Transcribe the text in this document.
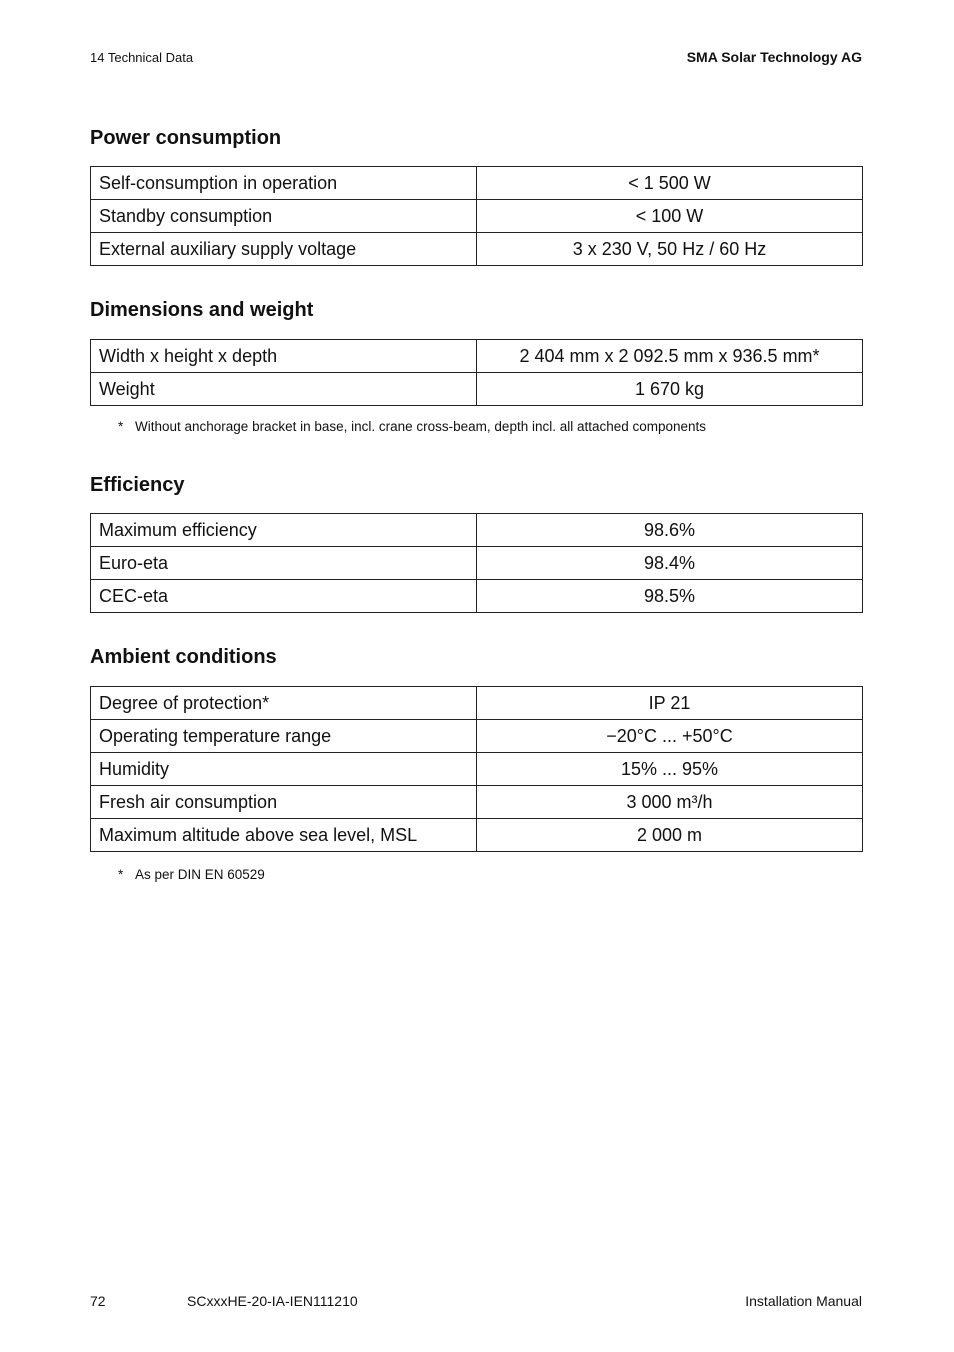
14 Technical Data	SMA Solar Technology AG
Power consumption
Self-consumption in operation	< 1 500 W
Standby consumption	< 100 W
External auxiliary supply voltage	3 x 230 V, 50 Hz / 60 Hz
Dimensions and weight
Width x height x depth	2 404 mm x 2 092.5 mm x 936.5 mm*
Weight	1 670 kg
* Without anchorage bracket in base, incl. crane cross-beam, depth incl. all attached components
Efficiency
Maximum efficiency	98.6%
Euro-eta	98.4%
CEC-eta	98.5%
Ambient conditions
Degree of protection*	IP 21
Operating temperature range	−20°C ... +50°C
Humidity	15% ... 95%
Fresh air consumption	3 000 m³/h
Maximum altitude above sea level, MSL	2 000 m
* As per DIN EN 60529
72	SCxxxHE-20-IA-IEN111210	Installation Manual
